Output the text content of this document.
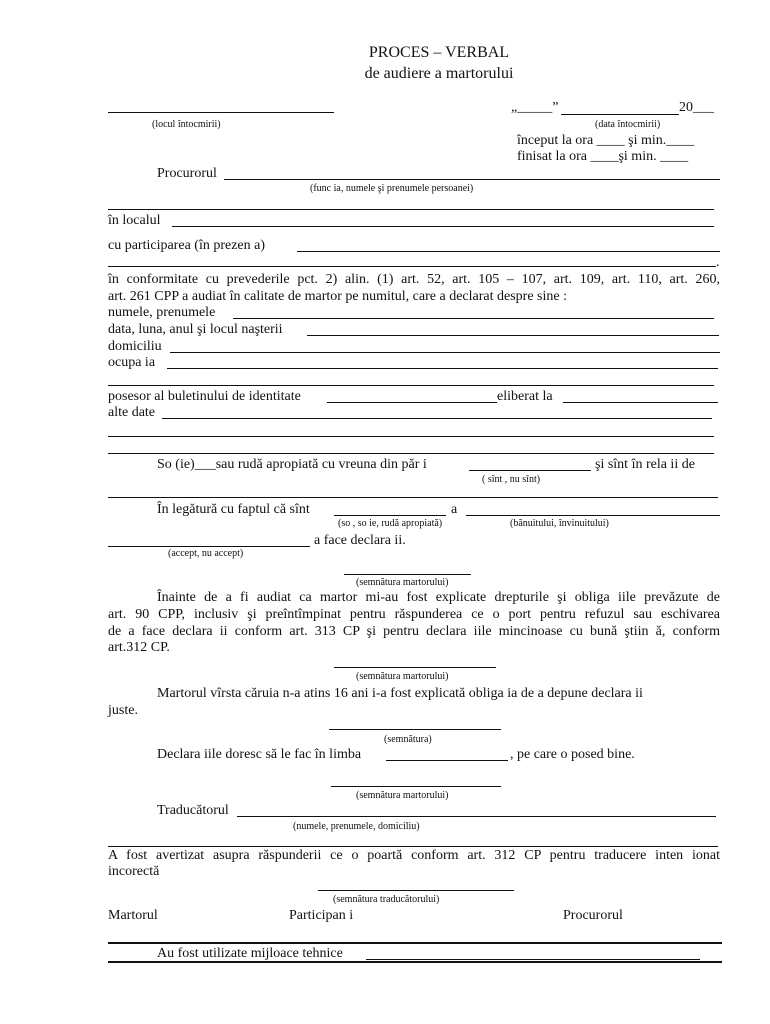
PROCES – VERBAL
de audiere a martorului
(locul întocmirii)
„_____”	20___
(data întocmirii)
început la ora ____ şi min.____
finisat la ora ____şi min. ____
Procurorul
(func ia, numele şi prenumele persoanei)
în localul
cu participarea (în prezen a)
.
în conformitate cu prevederile pct. 2) alin. (1) art. 52, art. 105 – 107, art. 109, art. 110, art. 260,
art. 261 CPP a audiat în calitate de martor pe numitul, care a declarat despre sine :
numele, prenumele
data, luna, anul şi locul naşterii
domiciliu
ocupa ia
posesor al buletinului de identitate	eliberat la
alte date
So (ie)___sau rudă apropiată cu vreuna din păr i	şi sînt în rela ii de
( sînt , nu sînt)
În legătură cu faptul că sînt	a
(so , so ie, rudă apropiată)	(bănuitului, învinuitului)
a face declara ii.
(accept, nu accept)
(semnătura martorului)
Înainte de a fi audiat ca martor mi-au fost explicate drepturile şi obliga iile prevăzute de
art. 90 CPP, inclusiv şi preîntîmpinat pentru răspunderea ce o port pentru refuzul sau eschivarea
de a face declara ii conform art. 313 CP şi pentru declara iile mincinoase cu bună ştiin ă, conform
art.312 CP.
(semnătura martorului)
Martorul vîrsta căruia n-a atins 16 ani i-a fost explicată obliga ia de a depune declara ii
juste.
(semnătura)
Declara iile doresc să le fac în limba	, pe care o posed bine.
(semnătura martorului)
Traducătorul
(numele, prenumele, domiciliu)
A fost avertizat asupra răspunderii ce o poartă conform art. 312 CP pentru traducere inten ionat
incorectă
(semnătura traducătorului)
Martorul	Participan i	Procurorul
Au fost utilizate mijloace tehnice
